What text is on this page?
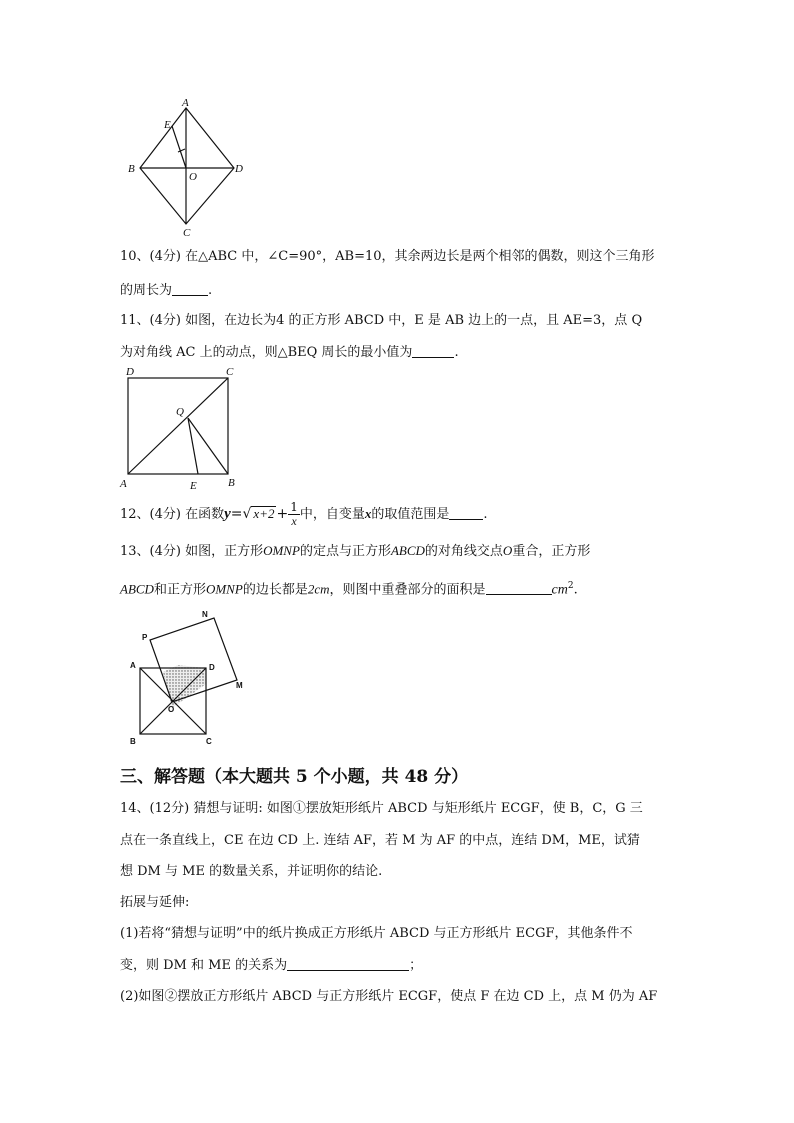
A
E
B
O
D
C
10、(4分) 在△ABC 中，∠C=90°，AB=10，其余两边长是两个相邻的偶数，则这个三角形
的周长为	.
11、(4分) 如图，在边长为4 的正方形 ABCD 中，E 是 AB 边上的一点，且 AE=3，点 Q
为对角线 AC 上的动点，则△BEQ 周长的最小值为	.
D	C
Q
A	E	B
12、(4分) 在函数y=√ $x+2 + \frac{1}{x}$ 中，自变量x的取值范围是	.
13、(4分) 如图，正方形OMNP的定点与正方形ABCD的对角线交点O重合，正方形
ABCD和正方形OMNP的边长都是2cm，则图中重叠部分的面积是	$cm^2$.
N
P
A	D
M
O
B	C
三、解答题（本大题共 5 个小题，共 48 分）
14、(12分) 猜想与证明: 如图①摆放矩形纸片 ABCD 与矩形纸片 ECGF，使 B，C，G 三
点在一条直线上，CE 在边 CD 上. 连结 AF，若 M 为 AF 的中点，连结 DM，ME，试猜
想 DM 与 ME 的数量关系，并证明你的结论.
拓展与延伸:
(1)若将“猜想与证明”中的纸片换成正方形纸片 ABCD 与正方形纸片 ECGF，其他条件不
变，则 DM 和 ME 的关系为	；
(2)如图②摆放正方形纸片 ABCD 与正方形纸片 ECGF，使点 F 在边 CD 上，点 M 仍为 AF
